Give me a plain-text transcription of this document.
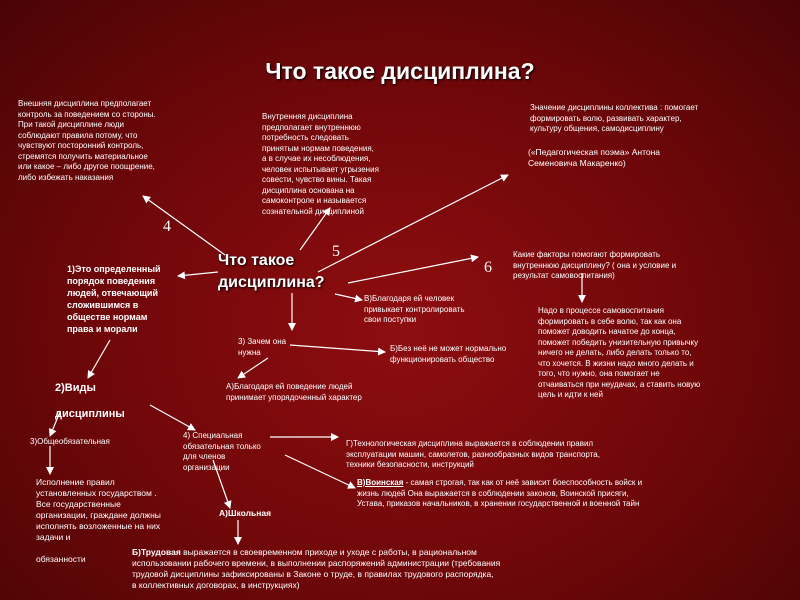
Что такое дисциплина?
Что такое
дисциплина?
4
5
6
Внешняя дисциплина предполагает
контроль за поведением со стороны.
При такой дисциплине люди
соблюдают правила потому, что
чувствуют посторонний контроль,
стремятся получить материальное
или какое – либо другое поощрение,
либо избежать наказания
Внутренняя дисциплина
предполагает внутреннюю
потребность следовать
принятым нормам поведения,
а в случае их несоблюдения,
человек испытывает угрызения
совести, чувство вины. Такая
дисциплина основана на
самоконтроле и называется
сознательной дисциплиной
Значение дисциплины коллектива : помогает
формировать волю, развивать характер,
культуру общения, самодисциплину
(«Педагогическая поэма» Антона
Семеновича Макаренко)
Какие факторы помогают формировать
внутреннюю дисциплину? ( она и условие и
результат самовоспитания)
Надо в процессе самовоспитания
формировать в себе волю, так как она
поможет доводить начатое до конца,
поможет победить унизительную привычку
ничего не делать, либо делать только то,
что хочется. В жизни надо много делать и
того, что нужно, она помогает не
отчаиваться при неудачах, а ставить новую
цель и идти к ней
1)Это определенный
порядок поведения
людей, отвечающий
сложившимся в
обществе нормам
права и морали
В)Благодаря ей человек
привыкает контролировать
свои поступки
3) Зачем она
нужна	Б)Без неё не может нормально
функционировать общество
А)Благодаря ей поведение людей
принимает упорядоченный характер
2)Виды

дисциплины
3)Общеобязательная
4) Специальная
обязательная только
для членов
организации
Г)Технологическая дисциплина выражается в соблюдении правил
эксплуатации машин, самолетов, разнообразных видов транспорта,
техники безопасности, инструкций
В)Воинская - самая строгая, так как от неё зависит боеспособность войск и
жизнь людей Она выражается в соблюдении законов, Воинской присяги,
Устава, приказов начальников, в хранении государственной и военной тайн
Исполнение правил
установленных государством .
Все государственные
организации, граждане должны
исполнять возложенные на них
задачи и

обязанности
А)Школьная
Б)Трудовая выражается в своевременном приходе и уходе с работы, в рациональном
использовании рабочего времени, в выполнении распоряжений администрации (требования
трудовой дисциплины зафиксированы в Законе о труде, в правилах трудового распорядка,
в коллективных договорах, в инструкциях)
